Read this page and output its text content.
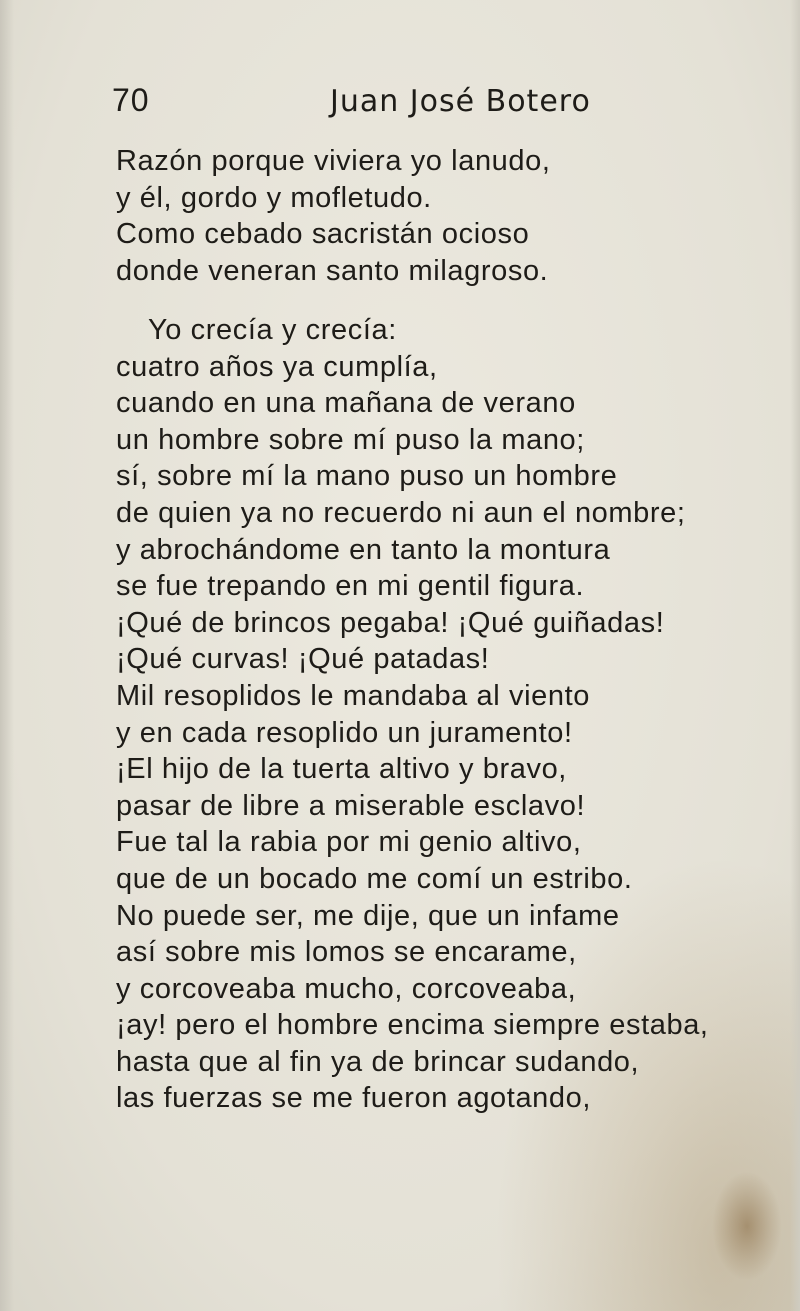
70	Juan José Botero
Razón porque viviera yo lanudo,
y él, gordo y mofletudo.
Como cebado sacristán ocioso
donde veneran santo milagroso.
Yo crecía y crecía:
cuatro años ya cumplía,
cuando en una mañana de verano
un hombre sobre mí puso la mano;
sí, sobre mí la mano puso un hombre
de quien ya no recuerdo ni aun el nombre;
y abrochándome en tanto la montura
se fue trepando en mi gentil figura.
¡Qué de brincos pegaba! ¡Qué guiñadas!
¡Qué curvas! ¡Qué patadas!
Mil resoplidos le mandaba al viento
y en cada resoplido un juramento!
¡El hijo de la tuerta altivo y bravo,
pasar de libre a miserable esclavo!
Fue tal la rabia por mi genio altivo,
que de un bocado me comí un estribo.
No puede ser, me dije, que un infame
así sobre mis lomos se encarame,
y corcoveaba mucho, corcoveaba,
¡ay! pero el hombre encima siempre estaba,
hasta que al fin ya de brincar sudando,
las fuerzas se me fueron agotando,
